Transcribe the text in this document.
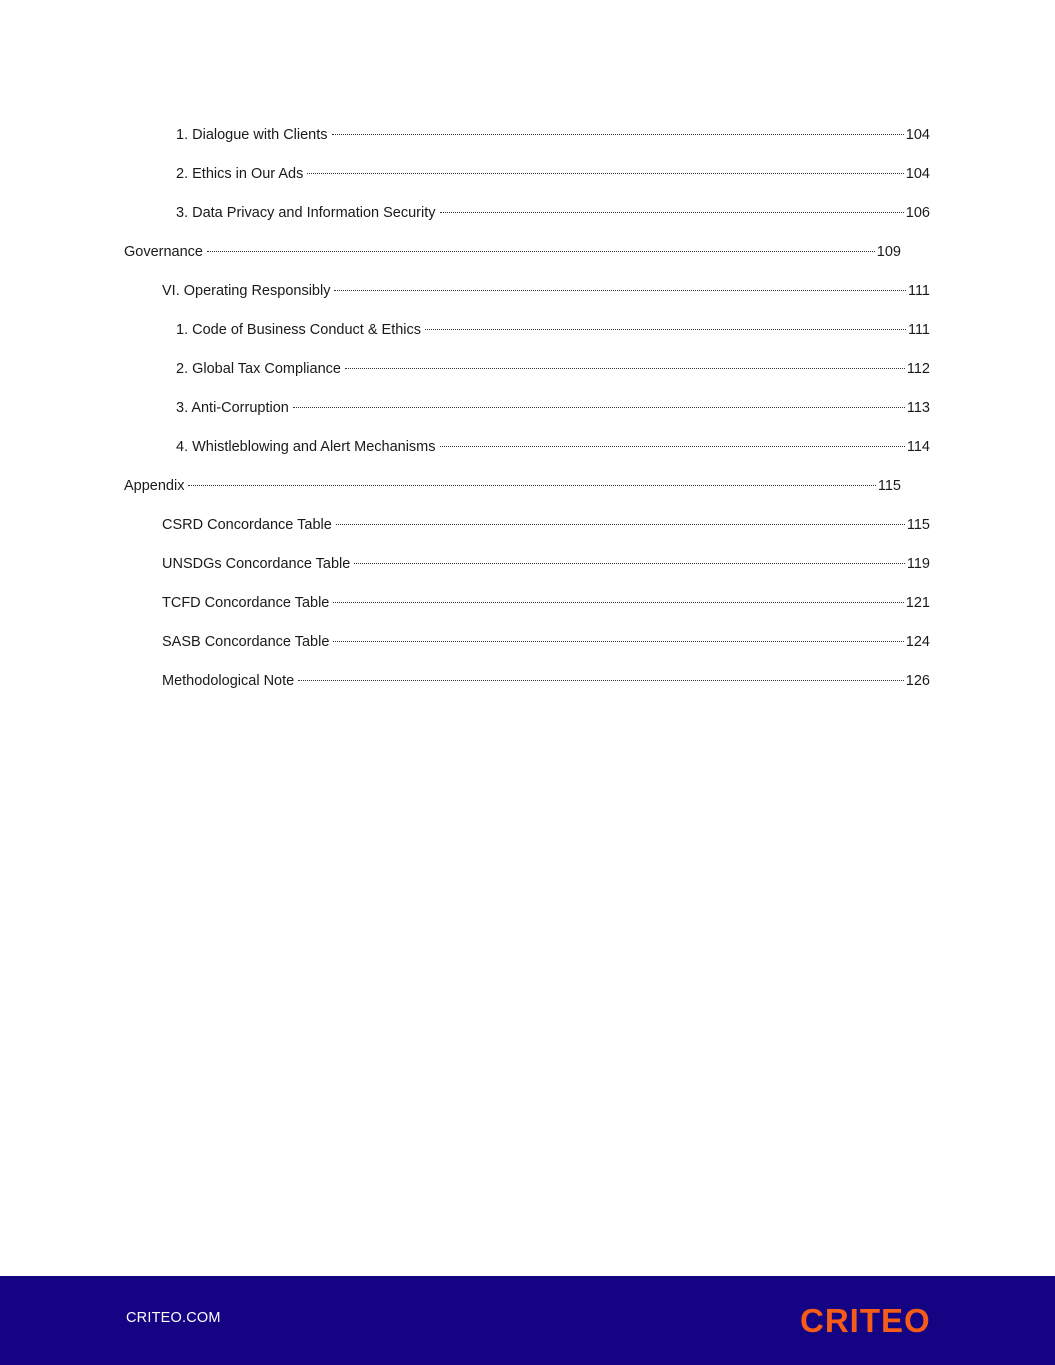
1. Dialogue with Clients	104
2. Ethics in Our Ads	104
3. Data Privacy and Information Security	106
Governance	109
VI. Operating Responsibly	111
1. Code of Business Conduct & Ethics	111
2. Global Tax Compliance	112
3. Anti-Corruption	113
4. Whistleblowing and Alert Mechanisms	114
Appendix	115
CSRD Concordance Table	115
UNSDGs Concordance Table	119
TCFD Concordance Table	121
SASB Concordance Table	124
Methodological Note	126
CRITEO.COM	CRITEO
